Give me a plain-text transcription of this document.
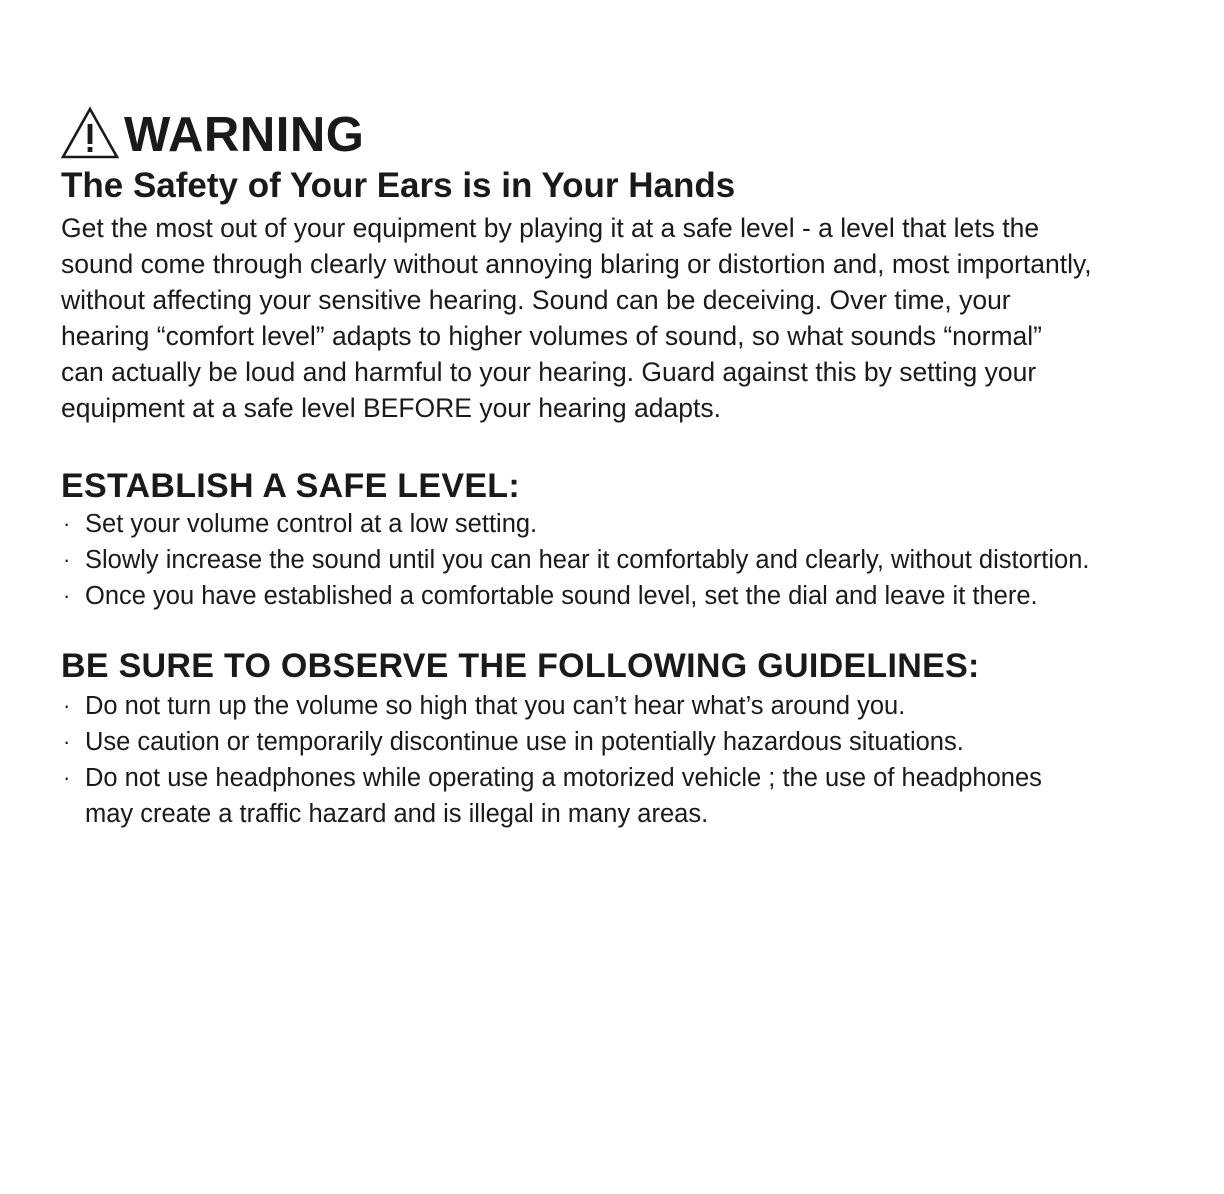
WARNING
The Safety of Your Ears is in Your Hands

Get the most out of your equipment by playing it at a safe level - a level that lets the
sound come through clearly without annoying blaring or distortion and, most importantly,
without affecting your sensitive hearing. Sound can be deceiving. Over time, your
hearing “comfort level” adapts to higher volumes of sound, so what sounds “normal”
can actually be loud and harmful to your hearing. Guard against this by setting your
equipment at a safe level BEFORE your hearing adapts.

ESTABLISH A SAFE LEVEL:
· Set your volume control at a low setting.
· Slowly increase the sound until you can hear it comfortably and clearly, without distortion.
· Once you have established a comfortable sound level, set the dial and leave it there.
BE SURE TO OBSERVE THE FOLLOWING GUIDELINES:
· Do not turn up the volume so high that you can’t hear what’s around you.
· Use caution or temporarily discontinue use in potentially hazardous situations.
· Do not use headphones while operating a motorized vehicle ; the use of headphones
may create a traffic hazard and is illegal in many areas.
